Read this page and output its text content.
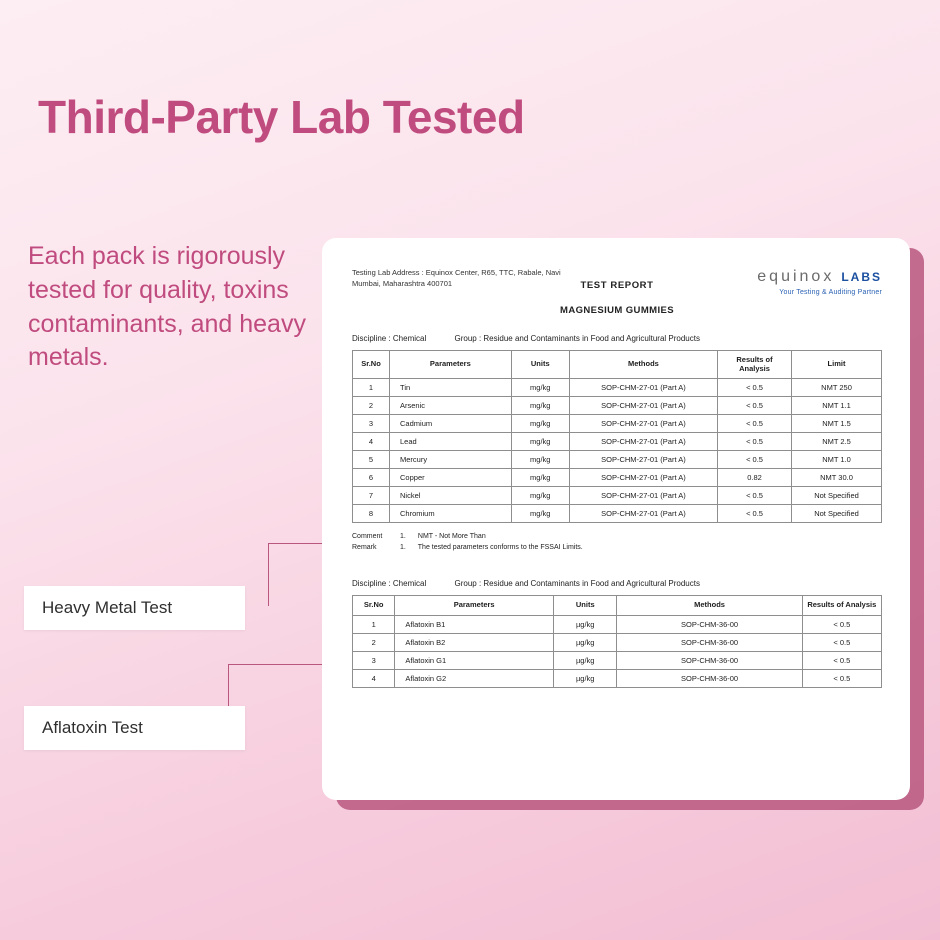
Third-Party Lab Tested
Each pack is rigorously tested for quality, toxins contaminants, and heavy metals.
Heavy Metal Test
Aflatoxin Test
Testing Lab Address : Equinox Center, R65, TTC, Rabale, Navi Mumbai, Maharashtra 400701	equinox LABS
Your Testing & Auditing Partner
TEST REPORT
MAGNESIUM GUMMIES
Discipline : Chemical	Group : Residue and Contaminants in Food and Agricultural Products
Sr.No	Parameters	Units	Methods	Results of Analysis	Limit
1	Tin	mg/kg	SOP-CHM-27-01 (Part A)	< 0.5	NMT 250
2	Arsenic	mg/kg	SOP-CHM-27-01 (Part A)	< 0.5	NMT 1.1
3	Cadmium	mg/kg	SOP-CHM-27-01 (Part A)	< 0.5	NMT 1.5
4	Lead	mg/kg	SOP-CHM-27-01 (Part A)	< 0.5	NMT 2.5
5	Mercury	mg/kg	SOP-CHM-27-01 (Part A)	< 0.5	NMT 1.0
6	Copper	mg/kg	SOP-CHM-27-01 (Part A)	0.82	NMT 30.0
7	Nickel	mg/kg	SOP-CHM-27-01 (Part A)	< 0.5	Not Specified
8	Chromium	mg/kg	SOP-CHM-27-01 (Part A)	< 0.5	Not Specified
Comment	1. NMT - Not More Than
Remark	1. The tested parameters conforms to the FSSAI Limits.
Discipline : Chemical	Group : Residue and Contaminants in Food and Agricultural Products
Sr.No	Parameters	Units	Methods	Results of Analysis
1	Aflatoxin B1	µg/kg	SOP-CHM-36-00	< 0.5
2	Aflatoxin B2	µg/kg	SOP-CHM-36-00	< 0.5
3	Aflatoxin G1	µg/kg	SOP-CHM-36-00	< 0.5
4	Aflatoxin G2	µg/kg	SOP-CHM-36-00	< 0.5
